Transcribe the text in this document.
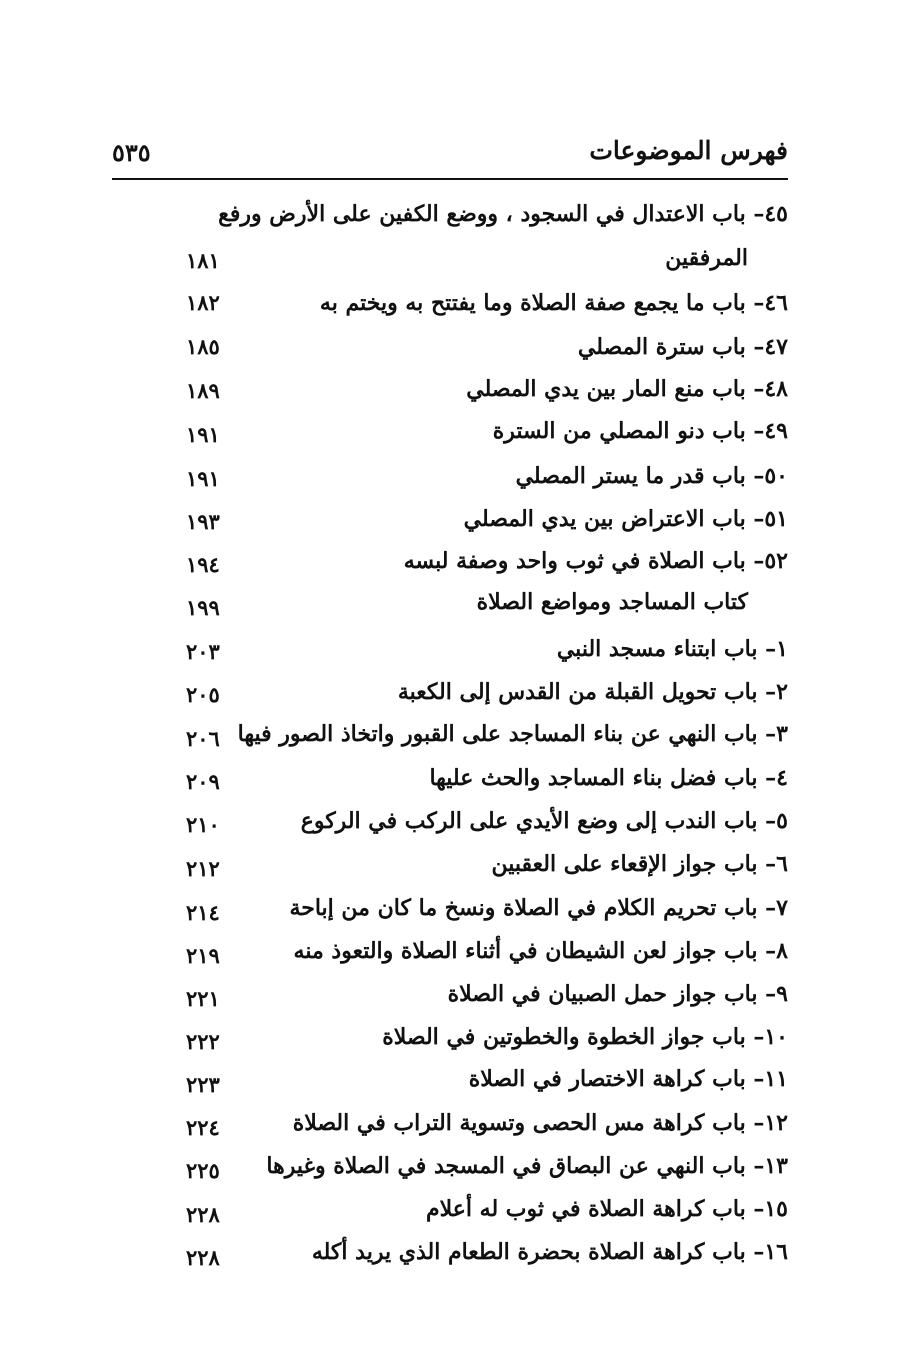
فهرس الموضوعات
٥٣٥
٤٥– باب الاعتدال في السجود ، ووضع الكفين على الأرض ورفع
المرفقين
١٨١
٤٦– باب ما يجمع صفة الصلاة وما يفتتح به ويختم به
١٨٢
٤٧– باب سترة المصلي
١٨٥
٤٨– باب منع المار بين يدي المصلي
١٨٩
٤٩– باب دنو المصلي من السترة
١٩١
٥٠– باب قدر ما يستر المصلي
١٩١
٥١– باب الاعتراض بين يدي المصلي
١٩٣
٥٢– باب الصلاة في ثوب واحد وصفة لبسه
١٩٤
كتاب المساجد ومواضع الصلاة
١٩٩
١– باب ابتناء مسجد النبي
٢٠٣
٢– باب تحويل القبلة من القدس إلى الكعبة
٢٠٥
٣– باب النهي عن بناء المساجد على القبور واتخاذ الصور فيها
٢٠٦
٤– باب فضل بناء المساجد والحث عليها
٢٠٩
٥– باب الندب إلى وضع الأيدي على الركب في الركوع
٢١٠
٦– باب جواز الإقعاء على العقبين
٢١٢
٧– باب تحريم الكلام في الصلاة ونسخ ما كان من إباحة
٢١٤
٨– باب جواز لعن الشيطان في أثناء الصلاة والتعوذ منه
٢١٩
٩– باب جواز حمل الصبيان في الصلاة
٢٢١
١٠– باب جواز الخطوة والخطوتين في الصلاة
٢٢٢
١١– باب كراهة الاختصار في الصلاة
٢٢٣
١٢– باب كراهة مس الحصى وتسوية التراب في الصلاة
٢٢٤
١٣– باب النهي عن البصاق في المسجد في الصلاة وغيرها
٢٢٥
١٥– باب كراهة الصلاة في ثوب له أعلام
٢٢٨
١٦– باب كراهة الصلاة بحضرة الطعام الذي يريد أكله
٢٢٨
